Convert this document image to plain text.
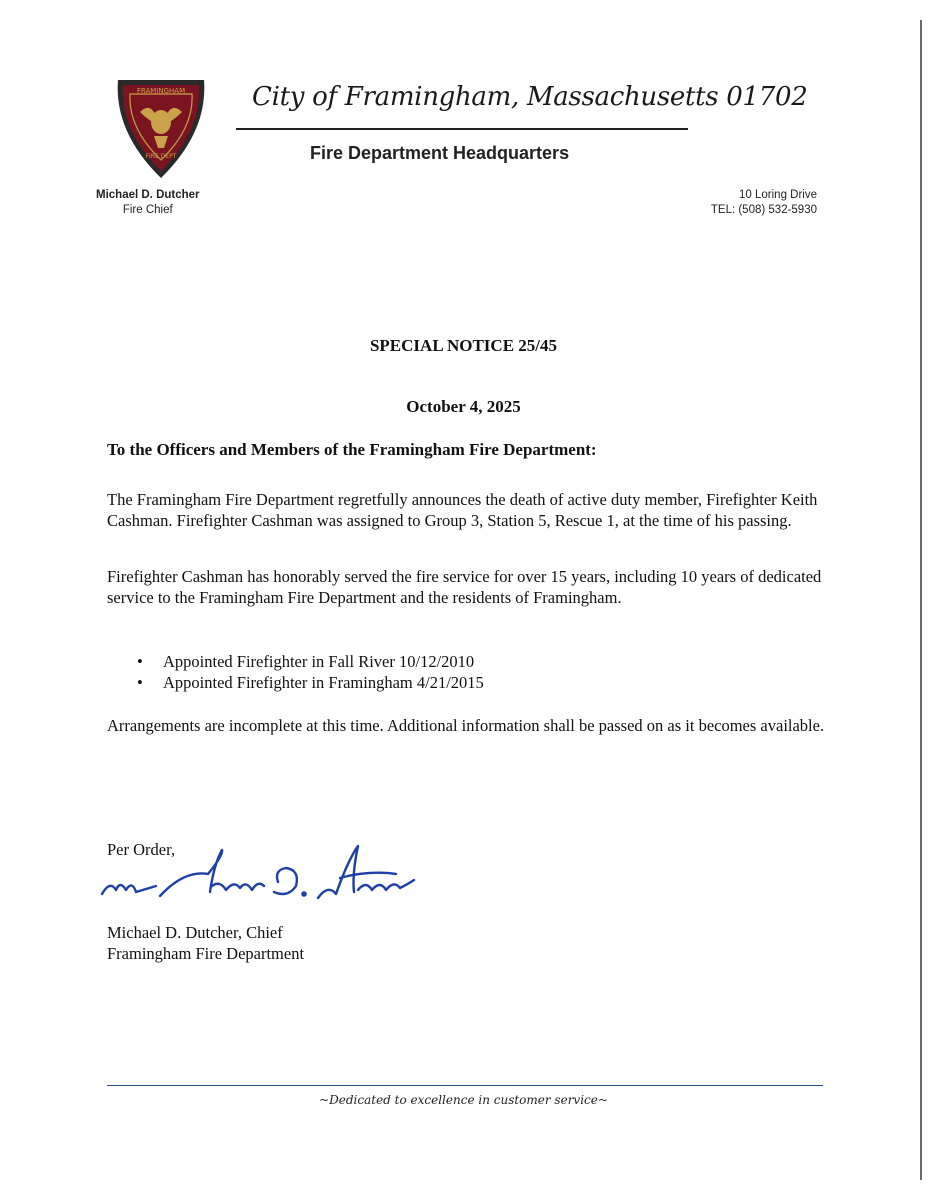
FRAMINGHAM
FIRE DEPT
City of Framingham, Massachusetts 01702
Fire Department Headquarters
Michael D. Dutcher
Fire Chief
10 Loring Drive
TEL: (508) 532-5930
SPECIAL NOTICE 25/45
October 4, 2025
To the Officers and Members of the Framingham Fire Department:
The Framingham Fire Department regretfully announces the death of active duty member, Firefighter Keith Cashman. Firefighter Cashman was assigned to Group 3, Station 5, Rescue 1, at the time of his passing.
Firefighter Cashman has honorably served the fire service for over 15 years, including 10 years of dedicated service to the Framingham Fire Department and the residents of Framingham.
• Appointed Firefighter in Fall River 10/12/2010
• Appointed Firefighter in Framingham 4/21/2015
Arrangements are incomplete at this time. Additional information shall be passed on as it becomes available.
Per Order,
Michael D. Dutcher, Chief
Framingham Fire Department
~Dedicated to excellence in customer service~
